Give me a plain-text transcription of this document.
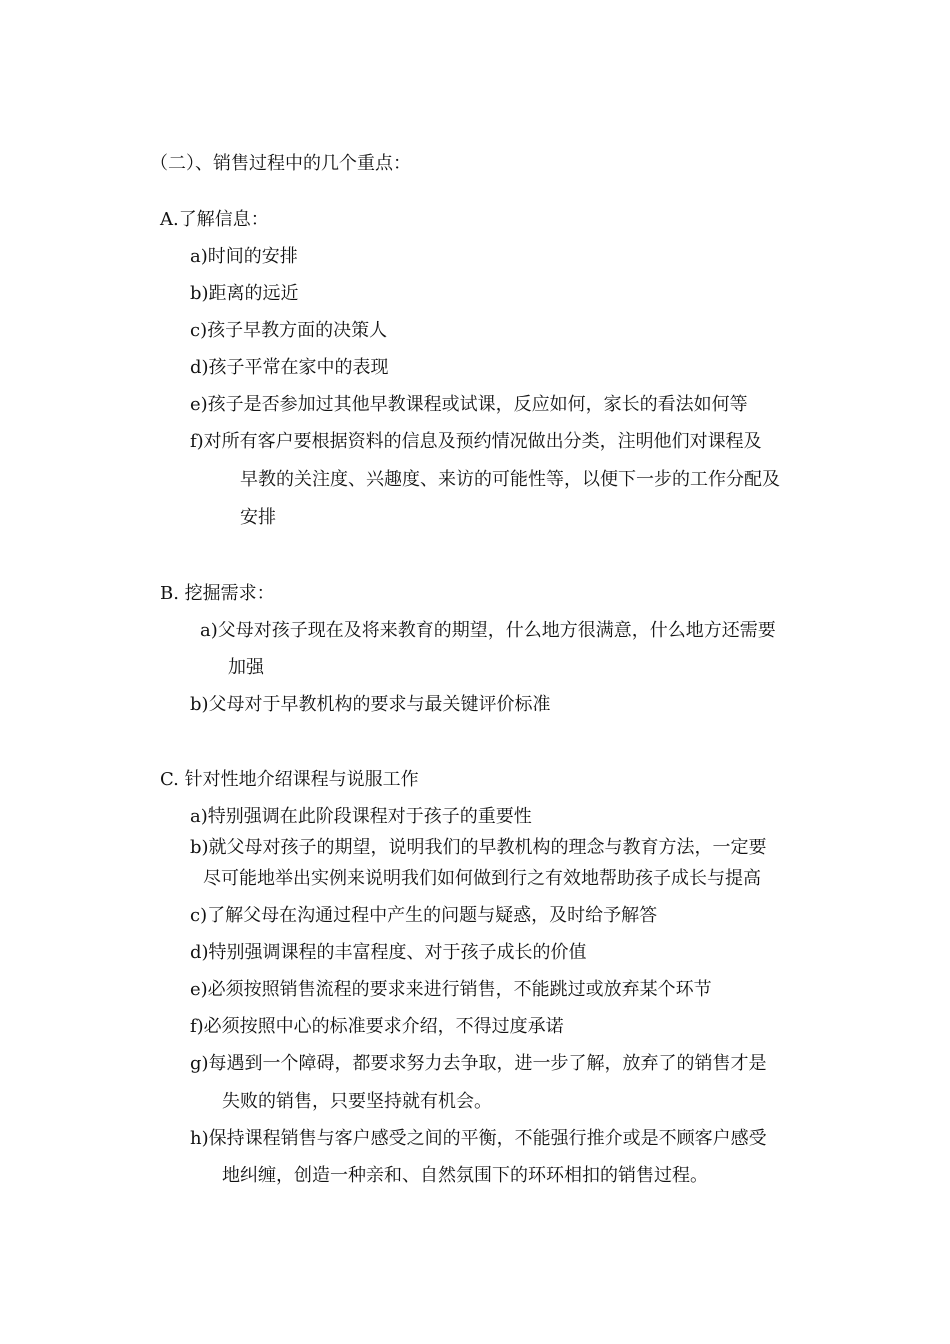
（二）、销售过程中的几个重点：
A.了解信息：
a)时间的安排
b)距离的远近
c)孩子早教方面的决策人
d)孩子平常在家中的表现
e)孩子是否参加过其他早教课程或试课，反应如何，家长的看法如何等
f)对所有客户要根据资料的信息及预约情况做出分类，注明他们对课程及
早教的关注度、兴趣度、来访的可能性等，以便下一步的工作分配及
安排
B. 挖掘需求：
a)父母对孩子现在及将来教育的期望，什么地方很满意，什么地方还需要
加强
b)父母对于早教机构的要求与最关键评价标准
C. 针对性地介绍课程与说服工作
a)特别强调在此阶段课程对于孩子的重要性
b)就父母对孩子的期望，说明我们的早教机构的理念与教育方法，一定要
尽可能地举出实例来说明我们如何做到行之有效地帮助孩子成长与提高
c)了解父母在沟通过程中产生的问题与疑惑，及时给予解答
d)特别强调课程的丰富程度、对于孩子成长的价值
e)必须按照销售流程的要求来进行销售，不能跳过或放弃某个环节
f)必须按照中心的标准要求介绍，不得过度承诺
g)每遇到一个障碍，都要求努力去争取，进一步了解，放弃了的销售才是
失败的销售，只要坚持就有机会。
h)保持课程销售与客户感受之间的平衡，不能强行推介或是不顾客户感受
地纠缠，创造一种亲和、自然氛围下的环环相扣的销售过程。
